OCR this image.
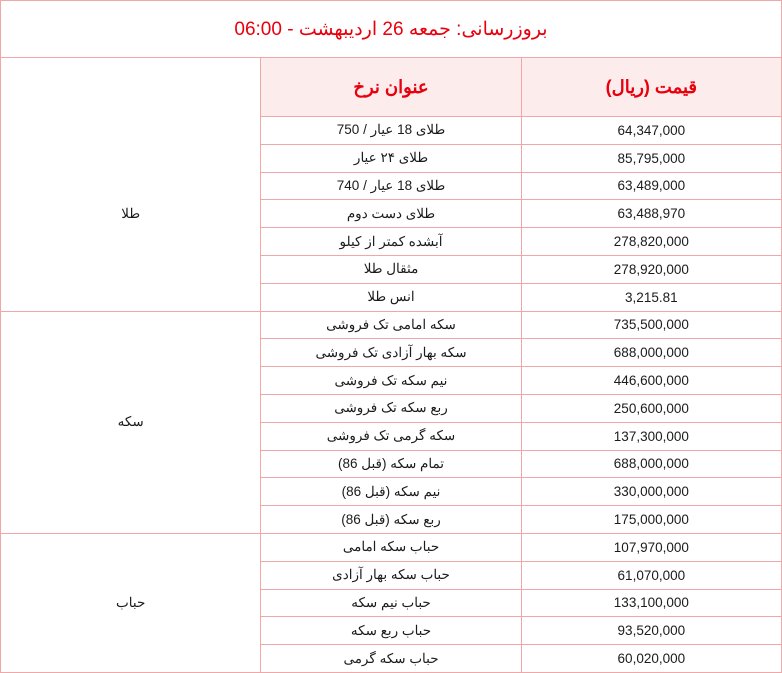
بروزرسانی: جمعه 26 اردیبهشت - 06:00		
قیمت (ریال)	عنوان نرخ	
64,347,000	طلای 18 عیار / 750	طلا
85,795,000	طلای ۲۴ عیار	
63,489,000	طلای 18 عیار / 740	
63,488,970	طلای دست دوم	
278,820,000	آبشده کمتر از کیلو	
278,920,000	مثقال طلا	
3,215.81	انس طلا	
735,500,000	سکه امامی تک فروشی	سکه
688,000,000	سکه بهار آزادی تک فروشی	
446,600,000	نیم سکه تک فروشی	
250,600,000	ربع سکه تک فروشی	
137,300,000	سکه گرمی تک فروشی	
688,000,000	تمام سکه (قبل 86)	
330,000,000	نیم سکه (قبل 86)	
175,000,000	ربع سکه (قبل 86)	
107,970,000	حباب سکه امامی	حباب
61,070,000	حباب سکه بهار آزادی	
133,100,000	حباب نیم سکه	
93,520,000	حباب ربع سکه	
60,020,000	حباب سکه گرمی	
